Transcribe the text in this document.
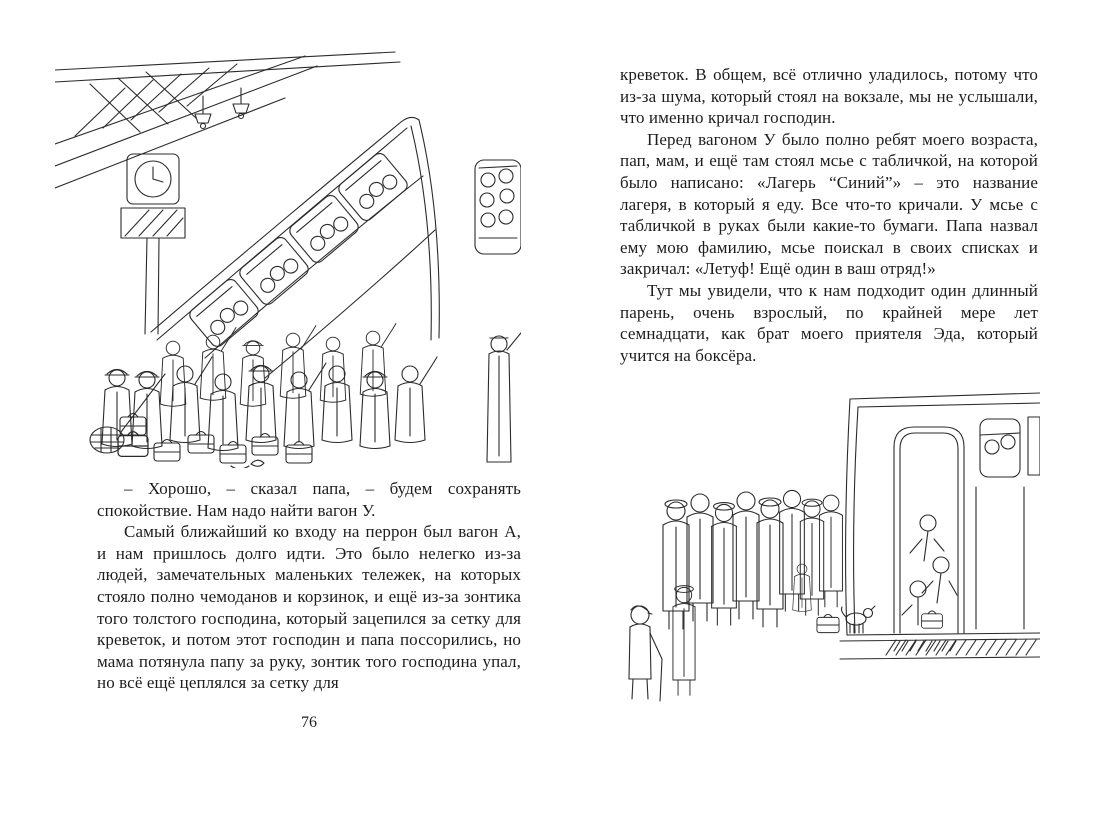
– Хорошо, – сказал папа, – будем сохранять спокойствие. Нам надо найти вагон У.

Самый ближайший ко входу на перрон был вагон А, и нам пришлось долго идти. Это было нелегко из-за людей, замечательных маленьких тележек, на которых стояло полно чемоданов и корзинок, и ещё из-за зонтика того толстого господина, который зацепился за сетку для креветок, и потом этот господин и папа поссорились, но мама потянула папу за руку, зонтик того господина упал, но всё ещё цеплялся за сетку для

76

креветок. В общем, всё отлично уладилось, потому что из-за шума, который стоял на вокзале, мы не услышали, что именно кричал господин.

Перед вагоном У было полно ребят моего возраста, пап, мам, и ещё там стоял мсье с табличкой, на которой было написано: «Лагерь “Синий”» – это название лагеря, в который я еду. Все что-то кричали. У мсье с табличкой в руках были какие-то бумаги. Папа назвал ему мою фамилию, мсье поискал в своих списках и закричал: «Летуф! Ещё один в ваш отряд!»

Тут мы увидели, что к нам подходит один длинный парень, очень взрослый, по крайней мере лет семнадцати, как брат моего приятеля Эда, который учится на боксёра.
